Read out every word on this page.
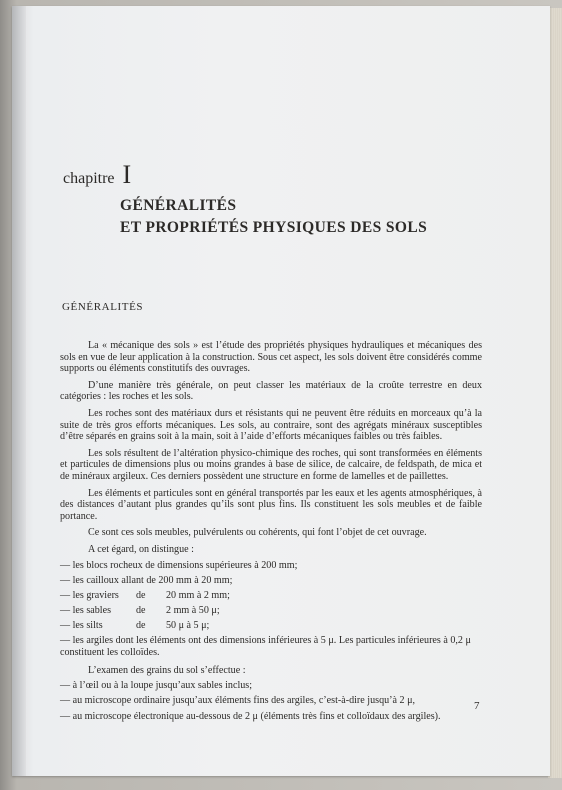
chapitre I
GÉNÉRALITÉS
ET PROPRIÉTÉS PHYSIQUES DES SOLS
GÉNÉRALITÉS

La « mécanique des sols » est l’étude des propriétés physiques hydrauliques et mécaniques des sols en vue de leur application à la construction. Sous cet aspect, les sols doivent être considérés comme supports ou éléments constitutifs des ouvrages.

D’une manière très générale, on peut classer les matériaux de la croûte terrestre en deux catégories : les roches et les sols.

Les roches sont des matériaux durs et résistants qui ne peuvent être réduits en morceaux qu’à la suite de très gros efforts mécaniques. Les sols, au contraire, sont des agrégats minéraux susceptibles d’être séparés en grains soit à la main, soit à l’aide d’efforts mécaniques faibles ou très faibles.

Les sols résultent de l’altération physico-chimique des roches, qui sont transformées en éléments et particules de dimensions plus ou moins grandes à base de silice, de calcaire, de feldspath, de mica et de minéraux argileux. Ces derniers possèdent une structure en forme de lamelles et de paillettes.

Les éléments et particules sont en général transportés par les eaux et les agents atmosphériques, à des distances d’autant plus grandes qu’ils sont plus fins. Ils constituent les sols meubles et de faible portance.

Ce sont ces sols meubles, pulvérulents ou cohérents, qui font l’objet de cet ouvrage.

A cet égard, on distingue :

— les blocs rocheux de dimensions supérieures à 200 mm;
— les cailloux allant de 200 mm à 20 mm;
— les graviers de 20 mm à 2 mm;
— les sables de 2 mm à 50 μ;
— les silts	de 50 μ à 5 μ;
— les argiles dont les éléments ont des dimensions inférieures à 5 μ. Les particules inférieures à 0,2 μ constituent les colloïdes.

L’examen des grains du sol s’effectue :

— à l’œil ou à la loupe jusqu’aux sables inclus;
— au microscope ordinaire jusqu’aux éléments fins des argiles, c’est-à-dire jusqu’à 2 μ,
— au microscope électronique au-dessous de 2 μ (éléments très fins et colloïdaux des argiles).
7
